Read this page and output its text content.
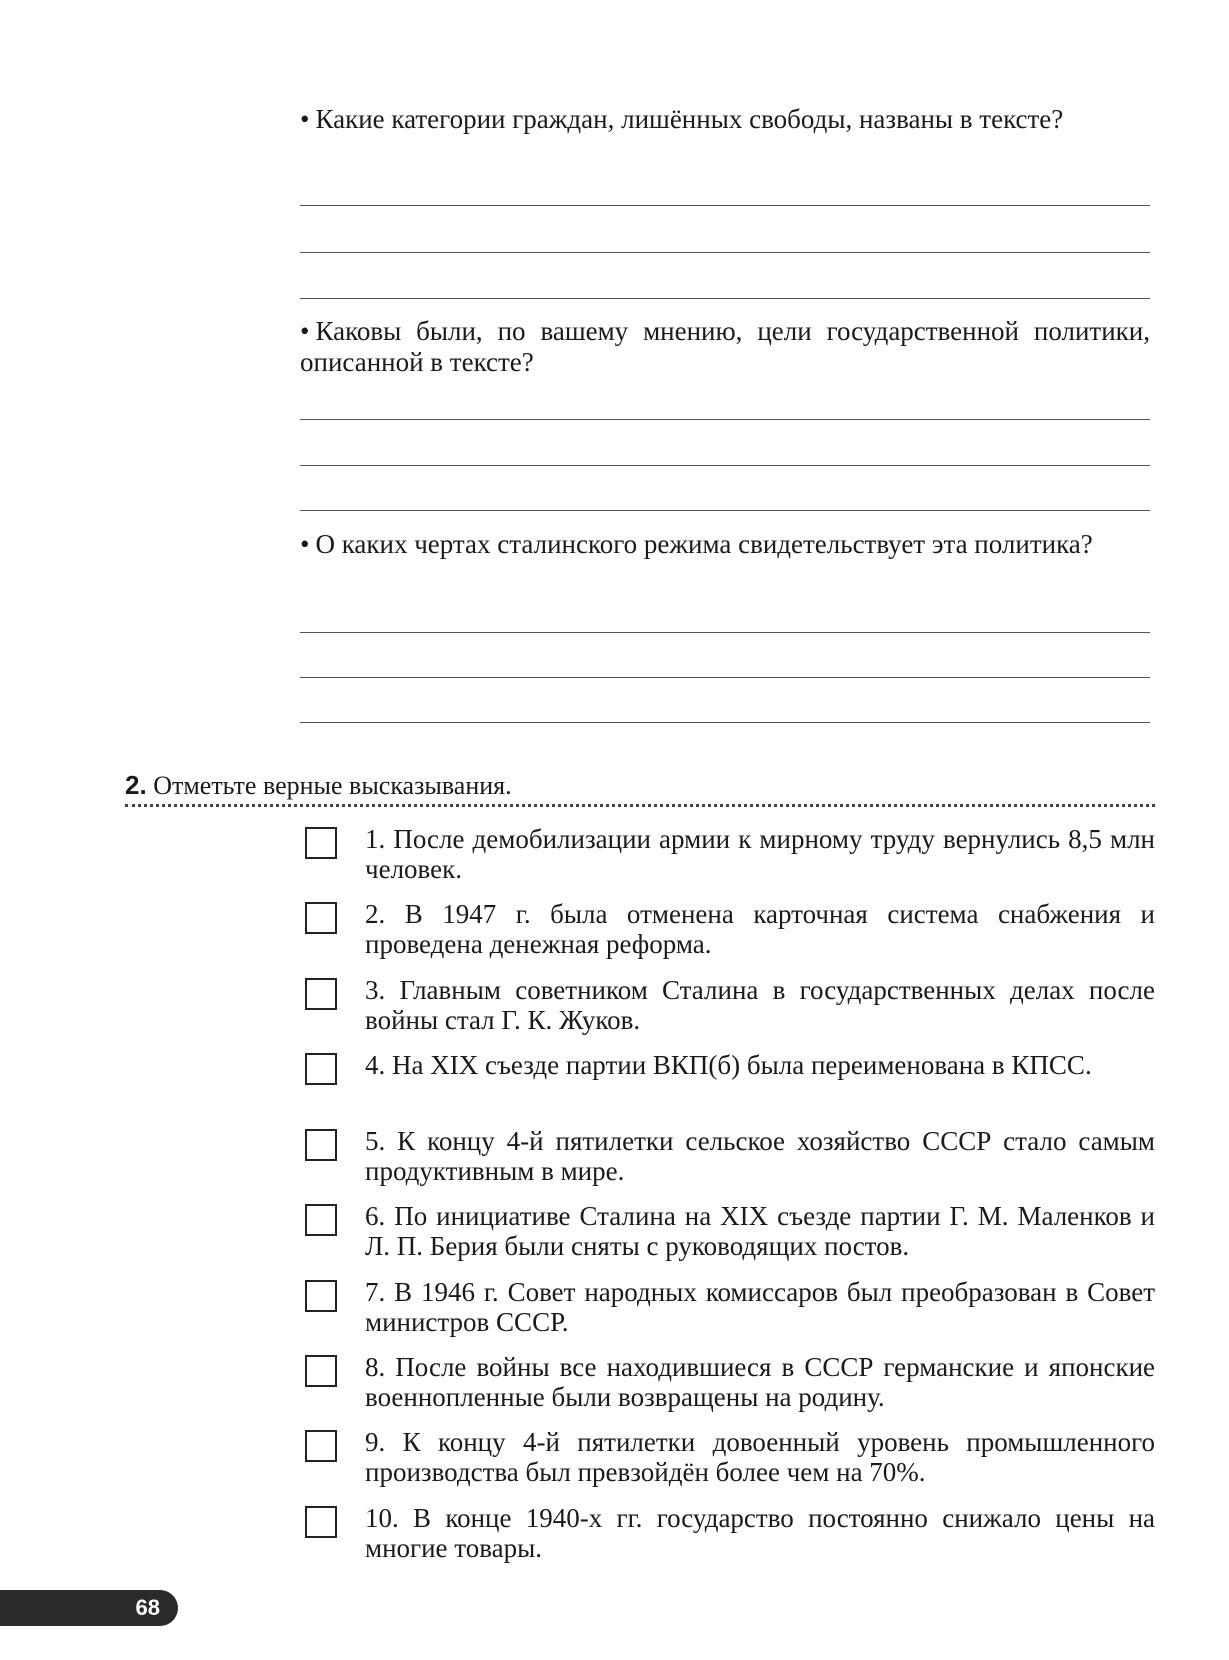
• Какие категории граждан, лишённых свободы, названы в тексте?

• Каковы были, по вашему мнению, цели государственной политики, описанной в тексте?

• О каких чертах сталинского режима свидетельствует эта политика?

2. Отметьте верные высказывания.

1. После демобилизации армии к мирному труду вернулись 8,5 млн человек.

2. В 1947 г. была отменена карточная система снабжения и проведена денежная реформа.

3. Главным советником Сталина в государственных делах после войны стал Г. К. Жуков.

4. На XIX съезде партии ВКП(б) была переименована в КПСС.

5. К концу 4-й пятилетки сельское хозяйство СССР стало самым продуктивным в мире.

6. По инициативе Сталина на XIX съезде партии Г. М. Маленков и Л. П. Берия были сняты с руководящих постов.

7. В 1946 г. Совет народных комиссаров был преобразован в Совет министров СССР.

8. После войны все находившиеся в СССР германские и японские военнопленные были возвращены на родину.

9. К концу 4-й пятилетки довоенный уровень промышленного производства был превзойдён более чем на 70%.

10. В конце 1940-х гг. государство постоянно снижало цены на многие товары.

68
